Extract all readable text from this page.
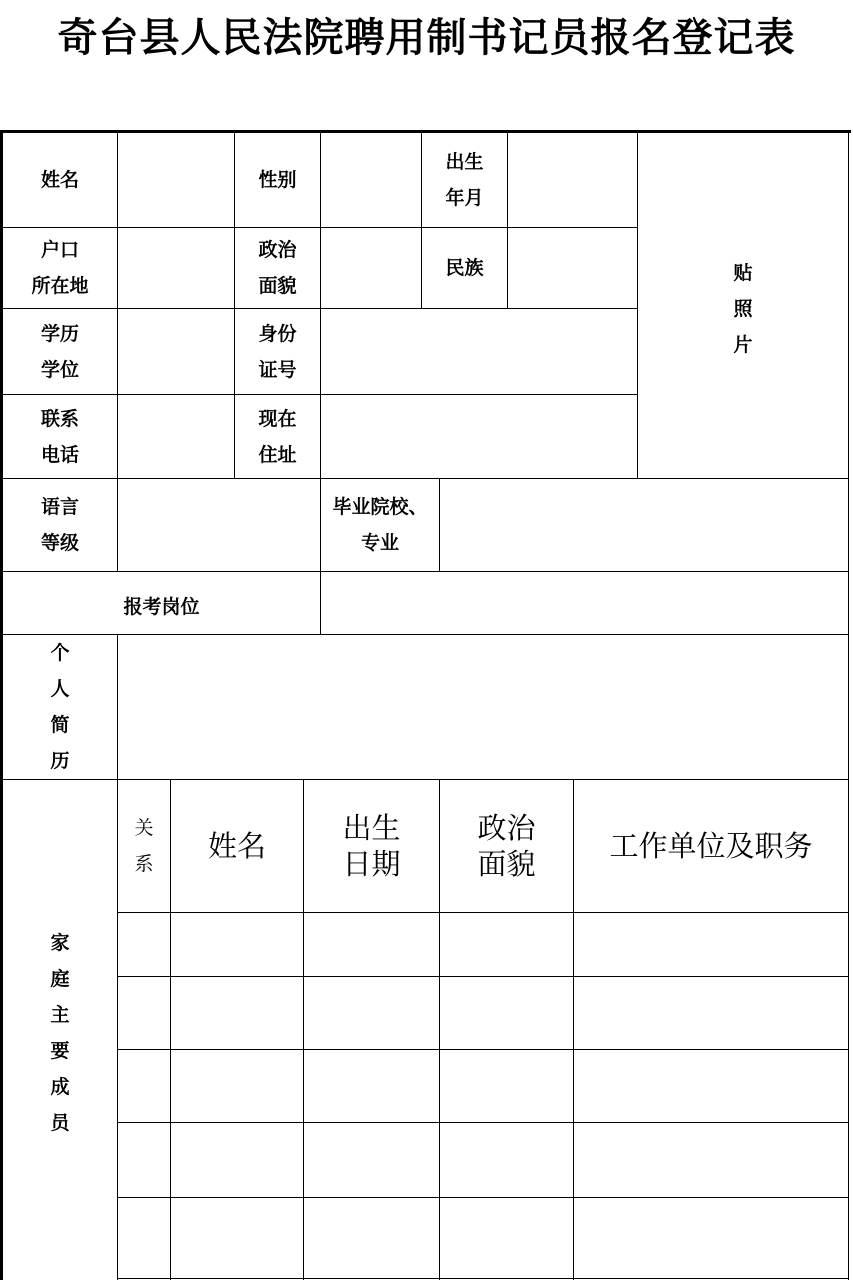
奇台县人民法院聘用制书记员报名登记表
姓名	性别
出生
年月
贴
照
片
户口
所在地
政治
面貌
民族
学历
学位
身份
证号
联系
电话
现在
住址
语言
等级
毕业院校、
专业
报考岗位
个
人
简
历
家
庭
主
要
成
员
关
系
姓名
出生
日期
政治
面貌
工作单位及职务
